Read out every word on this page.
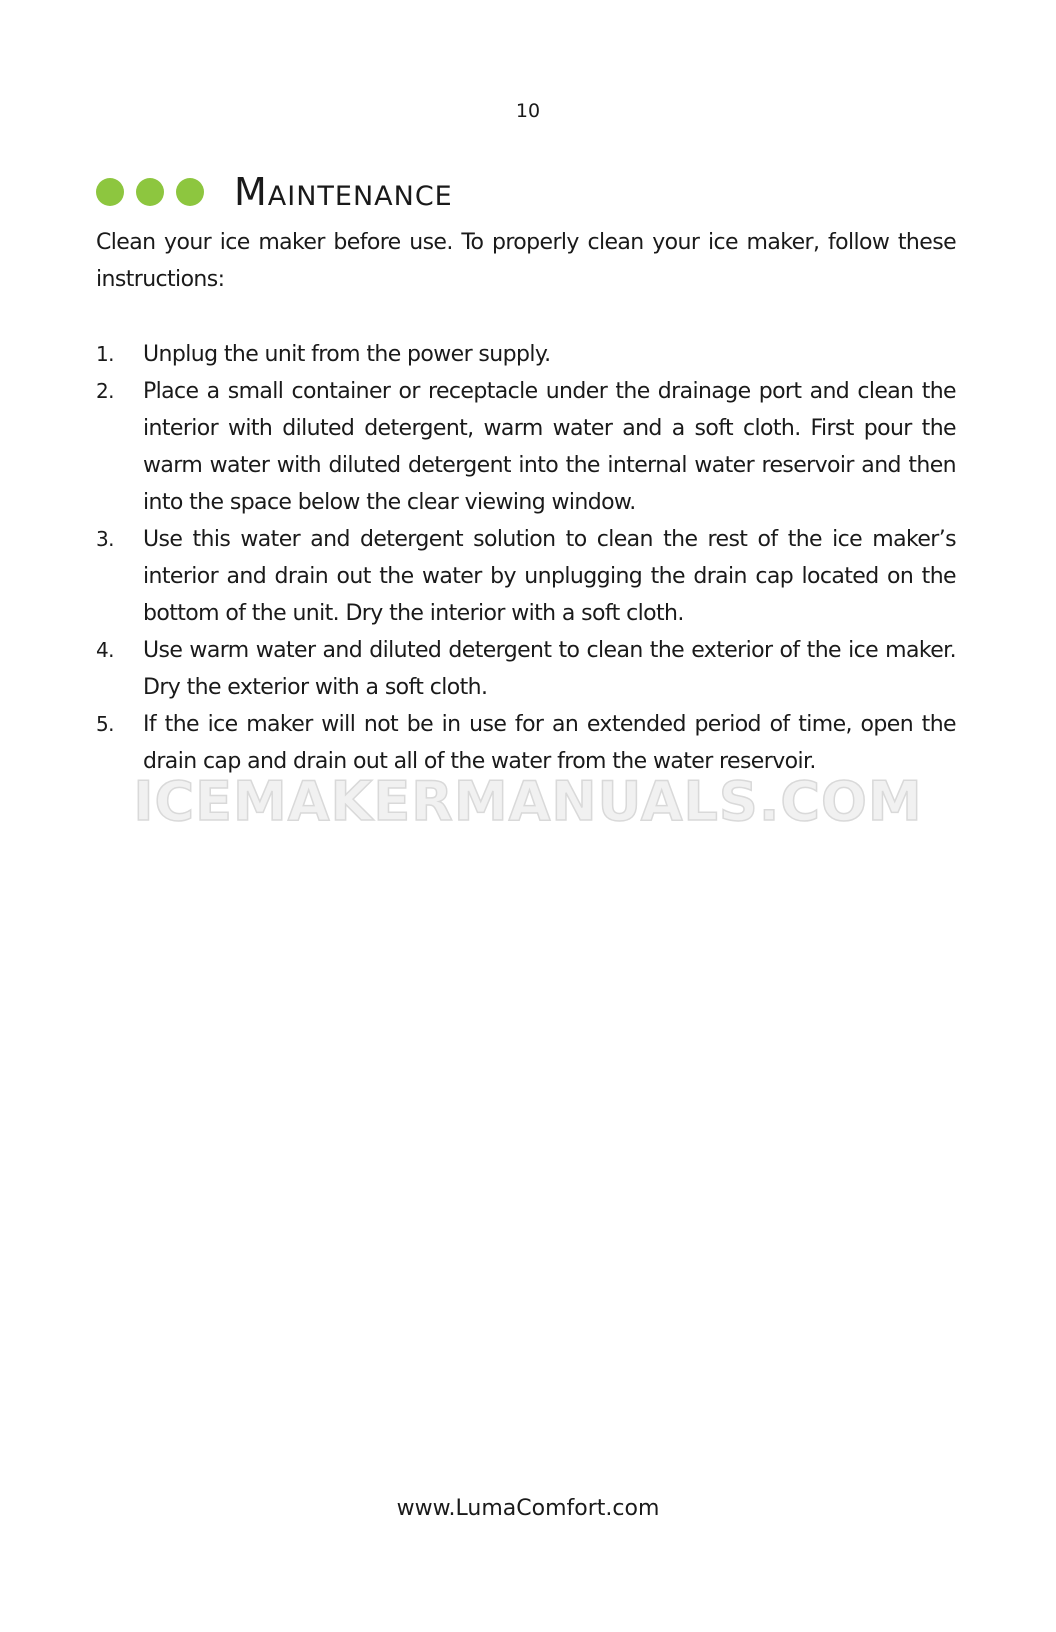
10
Maintenance

Clean your ice maker before use. To properly clean your ice maker, follow these instructions:

1. Unplug the unit from the power supply.
2. Place a small container or receptacle under the drainage port and clean the interior with diluted detergent, warm water and a soft cloth. First pour the warm water with diluted detergent into the internal water reservoir and then into the space below the clear viewing window.
3. Use this water and detergent solution to clean the rest of the ice maker’s interior and drain out the water by unplugging the drain cap located on the bottom of the unit. Dry the interior with a soft cloth.
4. Use warm water and diluted detergent to clean the exterior of the ice maker. Dry the exterior with a soft cloth.
5. If the ice maker will not be in use for an extended period of time, open the drain cap and drain out all of the water from the water reservoir.
ICEMAKERMANUALS.COM
www.LumaComfort.com
